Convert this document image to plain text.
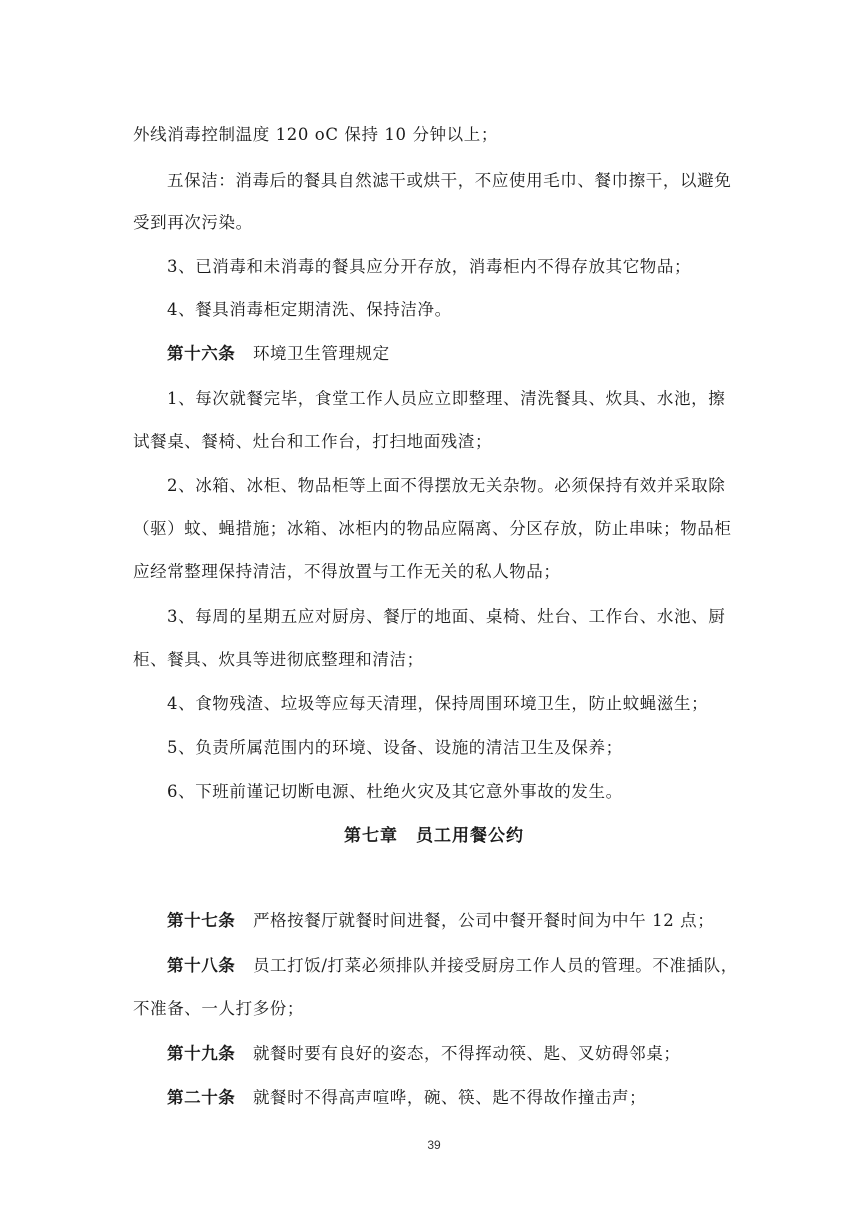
外线消毒控制温度 120 oC 保持 10 分钟以上；
五保洁：消毒后的餐具自然滤干或烘干，不应使用毛巾、餐巾擦干，以避免
受到再次污染。
3、已消毒和未消毒的餐具应分开存放，消毒柜内不得存放其它物品；
4、餐具消毒柜定期清洗、保持洁净。
第十六条 环境卫生管理规定
1、每次就餐完毕，食堂工作人员应立即整理、清洗餐具、炊具、水池，擦
试餐桌、餐椅、灶台和工作台，打扫地面残渣；
2、冰箱、冰柜、物品柜等上面不得摆放无关杂物。必须保持有效并采取除
（驱）蚊、蝇措施；冰箱、冰柜内的物品应隔离、分区存放，防止串味；物品柜
应经常整理保持清洁，不得放置与工作无关的私人物品；
3、每周的星期五应对厨房、餐厅的地面、桌椅、灶台、工作台、水池、厨
柜、餐具、炊具等进彻底整理和清洁；
4、食物残渣、垃圾等应每天清理，保持周围环境卫生，防止蚊蝇滋生；
5、负责所属范围内的环境、设备、设施的清洁卫生及保养；
6、下班前谨记切断电源、杜绝火灾及其它意外事故的发生。
第七章　员工用餐公约
第十七条 严格按餐厅就餐时间进餐，公司中餐开餐时间为中午 12 点；
第十八条 员工打饭/打菜必须排队并接受厨房工作人员的管理。不准插队，
不准备、一人打多份；
第十九条 就餐时要有良好的姿态，不得挥动筷、匙、叉妨碍邻桌；
第二十条 就餐时不得高声喧哗，碗、筷、匙不得故作撞击声；
39
